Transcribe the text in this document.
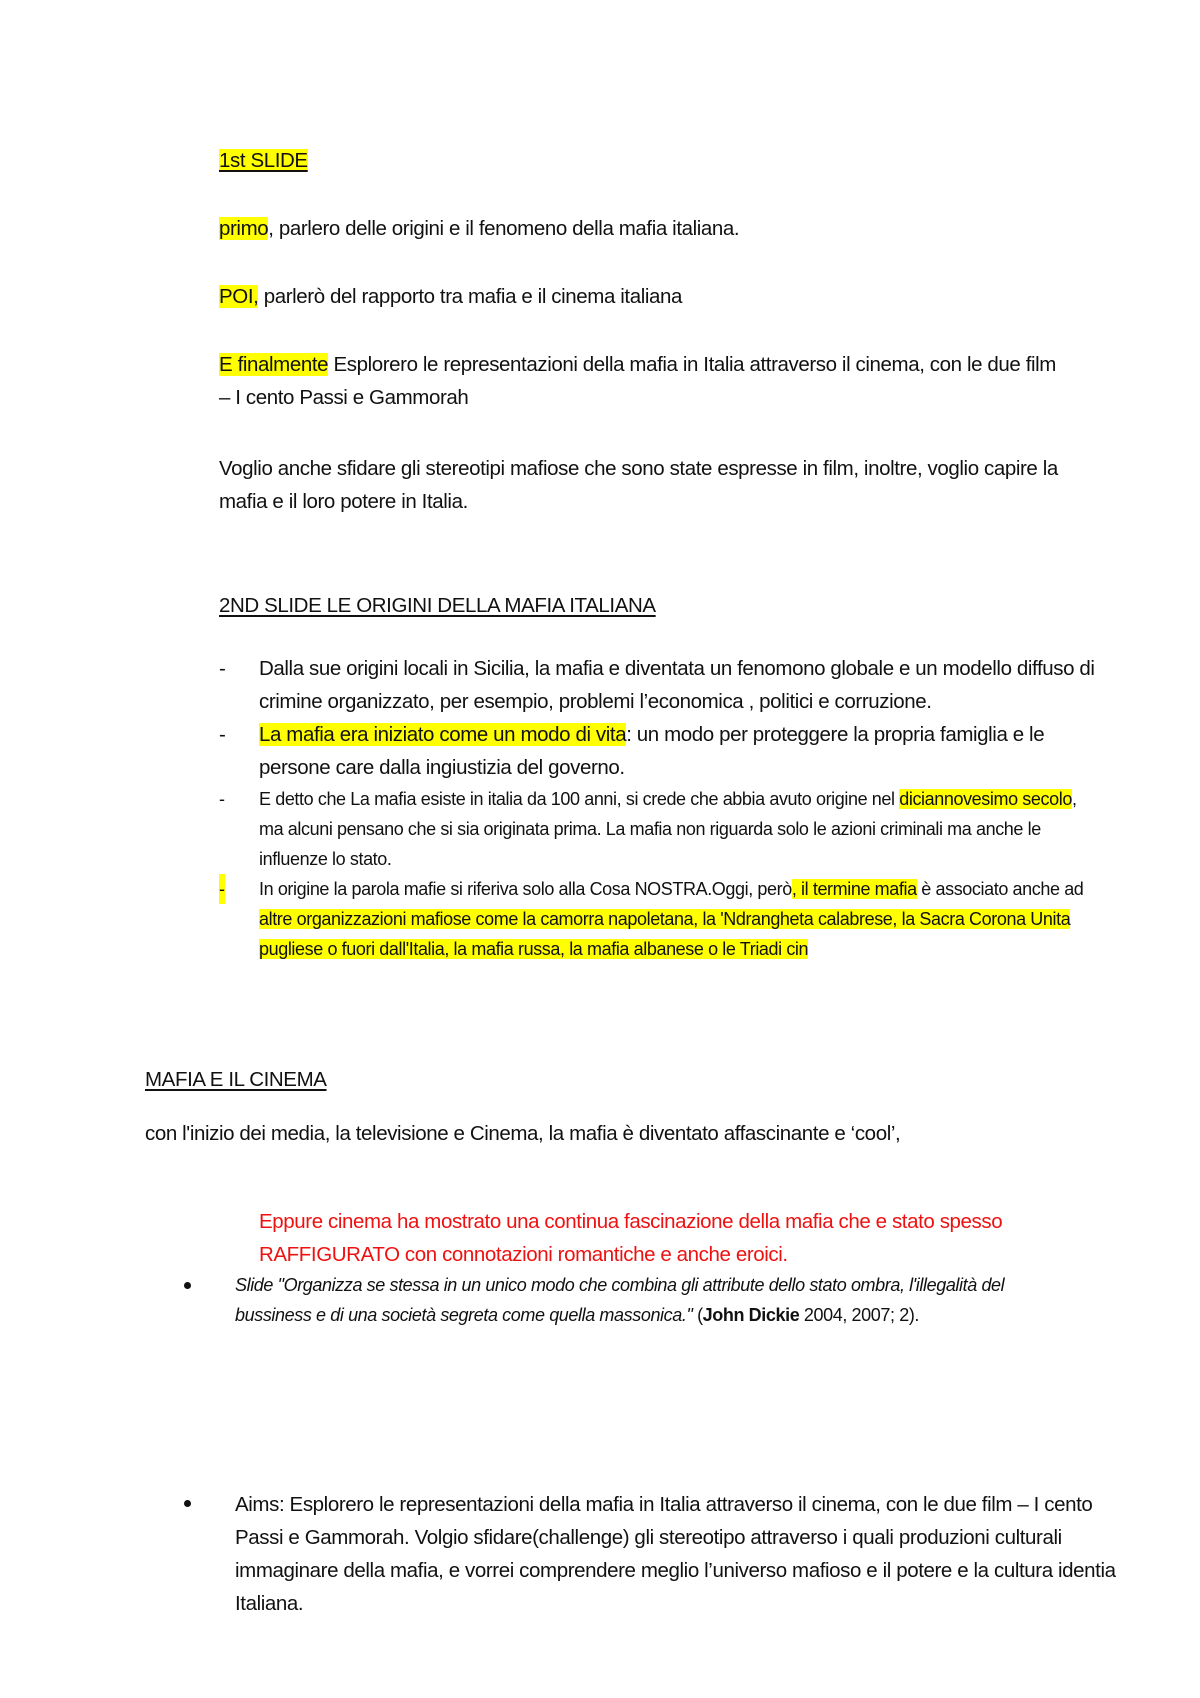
1st SLIDE
primo, parlero delle origini e il fenomeno della mafia italiana.
POI, parlerò del rapporto tra mafia e il cinema italiana
E finalmente Esplorero le representazioni della mafia in Italia attraverso il cinema, con le due film – I cento Passi e Gammorah
Voglio anche sfidare gli stereotipi mafiose che sono state espresse in film, inoltre, voglio capire la mafia e il loro potere in Italia.
2ND SLIDE LE ORIGINI DELLA MAFIA ITALIANA
- Dalla sue origini locali in Sicilia, la mafia e diventata un fenomono globale e un modello diffuso di crimine organizzato, per esempio, problemi l’economica , politici e corruzione.
- La mafia era iniziato come un modo di vita: un modo per proteggere la propria famiglia e le persone care dalla ingiustizia del governo.
- E detto che La mafia esiste in italia da 100 anni, si crede che abbia avuto origine nel diciannovesimo secolo, ma alcuni pensano che si sia originata prima. La mafia non riguarda solo le azioni criminali ma anche le influenze lo stato.
- In origine la parola mafie si riferiva solo alla Cosa NOSTRA.Oggi, però, il termine mafia è associato anche ad altre organizzazioni mafiose come la camorra napoletana, la 'Ndrangheta calabrese, la Sacra Corona Unita pugliese o fuori dall'Italia, la mafia russa, la mafia albanese o le Triadi cin
MAFIA E IL CINEMA
con l'inizio dei media, la televisione e Cinema, la mafia è diventato affascinante e ‘cool’,
Eppure cinema ha mostrato una continua fascinazione della mafia che e stato spesso RAFFIGURATO con connotazioni romantiche e anche eroici.
Slide "Organizza se stessa in un unico modo che combina gli attribute dello stato ombra, l'illegalità del bussiness e di una società segreta come quella massonica." (John Dickie 2004, 2007; 2).
Aims: Esplorero le representazioni della mafia in Italia attraverso il cinema, con le due film – I cento Passi e Gammorah. Volgio sfidare(challenge) gli stereotipo attraverso i quali produzioni culturali immaginare della mafia, e vorrei comprendere meglio l’universo mafioso e il potere e la cultura identia Italiana.
